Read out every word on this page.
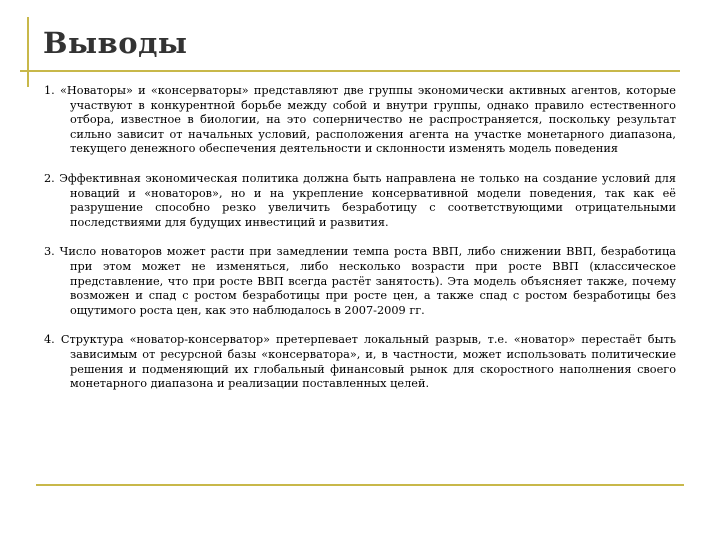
Выводы
1. «Новаторы» и «консерваторы» представляют две группы экономически активных агентов, которые участвуют в конкурентной борьбе между собой и внутри группы, однако правило естественного отбора, известное в биологии, на это соперничество не распространяется, поскольку результат сильно зависит от начальных условий, расположения агента на участке монетарного диапазона, текущего денежного обеспечения деятельности и склонности изменять модель поведения
2. Эффективная экономическая политика должна быть направлена не только на создание условий для новаций и «новаторов», но и на укрепление консервативной модели поведения, так как её разрушение способно резко увеличить безработицу с соответствующими отрицательными последствиями для будущих инвестиций и развития.
3. Число новаторов может расти при замедлении темпа роста ВВП, либо снижении ВВП, безработица при этом может не изменяться, либо несколько возрасти при росте ВВП (классическое представление, что при росте ВВП всегда растёт занятость). Эта модель объясняет также, почему возможен и спад с ростом безработицы при росте цен, а также спад с ростом безработицы без ощутимого роста цен, как это наблюдалось в 2007-2009 гг.
4. Структура «новатор-консерватор» претерпевает локальный разрыв, т.е. «новатор» перестаёт быть зависимым от ресурсной базы «консерватора», и, в частности, может использовать политические решения и подменяющий их глобальный финансовый рынок для скоростного наполнения своего монетарного диапазона и реализации поставленных целей.
